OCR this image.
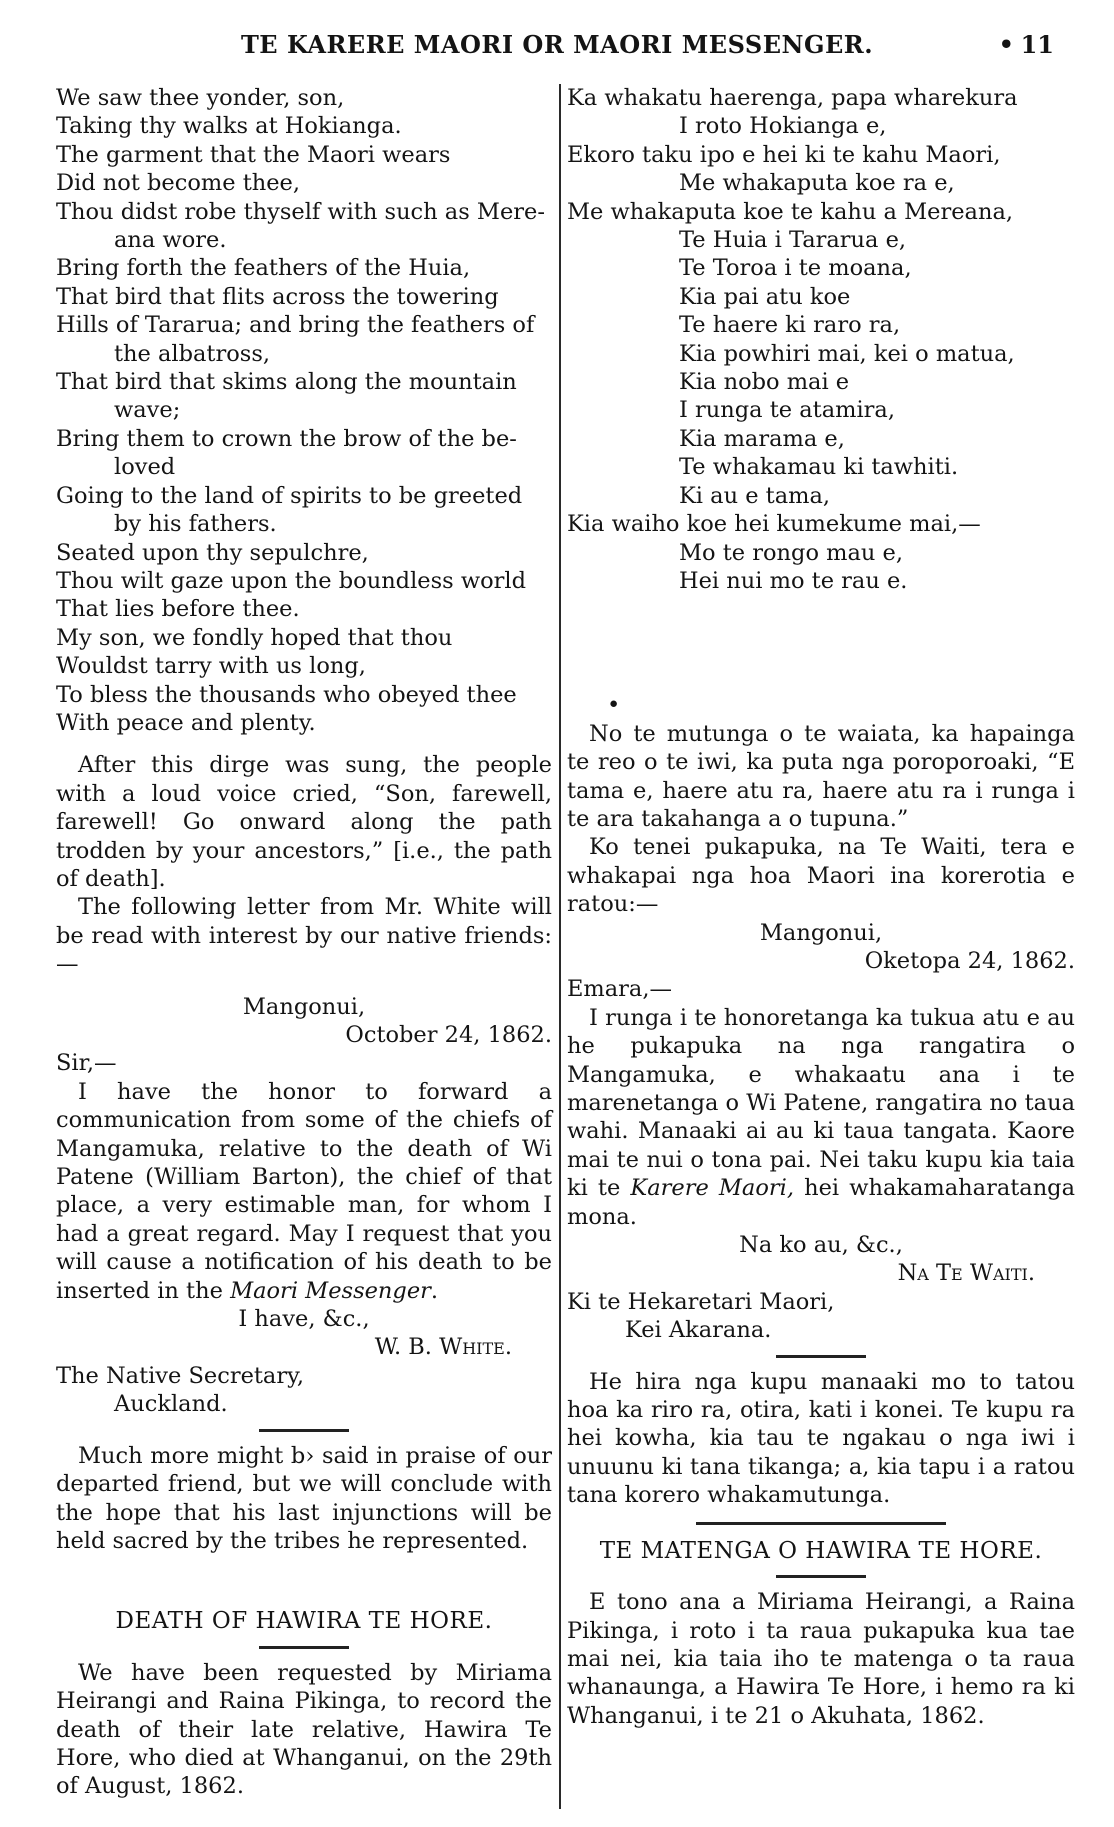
TE KARERE MAORI OR MAORI MESSENGER.	• 11
We saw thee yonder, son,
Taking thy walks at Hokianga.
The garment that the Maori wears
Did not become thee,
Thou didst robe thyself with such as Mere-
ana wore.
Bring forth the feathers of the Huia,
That bird that flits across the towering
Hills of Tararua; and bring the feathers of
the albatross,
That bird that skims along the mountain
wave;
Bring them to crown the brow of the be-
loved
Going to the land of spirits to be greeted
by his fathers.
Seated upon thy sepulchre,
Thou wilt gaze upon the boundless world
That lies before thee.
My son, we fondly hoped that thou
Wouldst tarry with us long,
To bless the thousands who obeyed thee
With peace and plenty.

After this dirge was sung, the people with a loud voice cried, “Son, farewell, farewell! Go onward along the path trodden by your ancestors,” [i.e., the path of death].

The following letter from Mr. White will be read with interest by our native friends:—

Mangonui,
October 24, 1862.
Sir,—

I have the honor to forward a communication from some of the chiefs of Mangamuka, relative to the death of Wi Patene (William Barton), the chief of that place, a very estimable man, for whom I had a great regard. May I request that you will cause a notification of his death to be inserted in the Maori Messenger.

I have, &c.,
W. B. White.
The Native Secretary,
Auckland.

Much more might b› said in praise of our departed friend, but we will conclude with the hope that his last injunctions will be held sacred by the tribes he represented.

DEATH OF HAWIRA TE HORE.

We have been requested by Miriama Heirangi and Raina Pikinga, to record the death of their late relative, Hawira Te Hore, who died at Whanganui, on the 29th of August, 1862.

Ka whakatu haerenga, papa wharekura
I roto Hokianga e,
Ekoro taku ipo e hei ki te kahu Maori,
Me whakaputa koe ra e,
Me whakaputa koe te kahu a Mereana,
Te Huia i Tararua e,
Te Toroa i te moana,
Kia pai atu koe
Te haere ki raro ra,
Kia powhiri mai, kei o matua,
Kia nobo mai e
I runga te atamira,
Kia marama e,
Te whakamau ki tawhiti.
Ki au e tama,
Kia waiho koe hei kumekume mai,—
Mo te rongo mau e,
Hei nui mo te rau e.
•

No te mutunga o te waiata, ka hapainga te reo o te iwi, ka puta nga poroporoaki, “E tama e, haere atu ra, haere atu ra i runga i te ara takahanga a o tupuna.”

Ko tenei pukapuka, na Te Waiti, tera e whakapai nga hoa Maori ina korerotia e ratou:—

Mangonui,
Oketopa 24, 1862.
Emara,—

I runga i te honoretanga ka tukua atu e au he pukapuka na nga rangatira o Mangamuka, e whakaatu ana i te marenetanga o Wi Patene, rangatira no taua wahi. Manaaki ai au ki taua tangata. Kaore mai te nui o tona pai. Nei taku kupu kia taia ki te Karere Maori, hei whakamaharatanga mona.

Na ko au, &c.,
Na Te Waiti.
Ki te Hekaretari Maori,
Kei Akarana.

He hira nga kupu manaaki mo to tatou hoa ka riro ra, otira, kati i konei. Te kupu ra hei kowha, kia tau te ngakau o nga iwi i unuunu ki tana tikanga; a, kia tapu i a ratou tana korero whakamutunga.

TE MATENGA O HAWIRA TE HORE.

E tono ana a Miriama Heirangi, a Raina Pikinga, i roto i ta raua pukapuka kua tae mai nei, kia taia iho te matenga o ta raua whanaunga, a Hawira Te Hore, i hemo ra ki Whanganui, i te 21 o Akuhata, 1862.
